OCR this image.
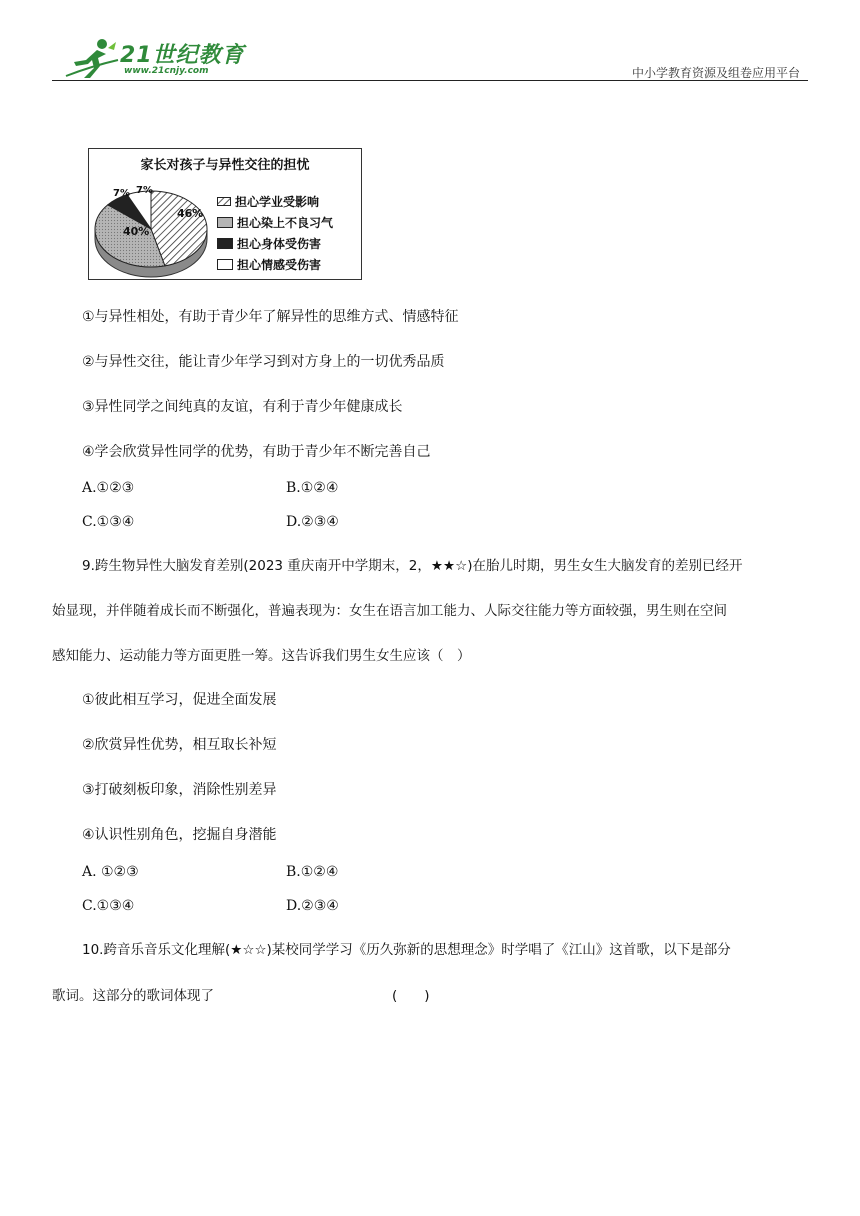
21世纪教育
www.21cnjy.com	中小学教育资源及组卷应用平台
家长对孩子与异性交往的担忧
46%
40%
7% 7%
担心学业受影响
担心染上不良习气
担心身体受伤害
担心情感受伤害
①与异性相处，有助于青少年了解异性的思维方式、情感特征
②与异性交往，能让青少年学习到对方身上的一切优秀品质
③异性同学之间纯真的友谊，有利于青少年健康成长
④学会欣赏异性同学的优势，有助于青少年不断完善自己
A.①②③	B.①②④
C.①③④	D.②③④
9.跨生物异性大脑发育差别(2023 重庆南开中学期末，2，★★☆)在胎儿时期，男生女生大脑发育的差别已经开
始显现，并伴随着成长而不断强化，普遍表现为：女生在语言加工能力、人际交往能力等方面较强，男生则在空间
感知能力、运动能力等方面更胜一筹。这告诉我们男生女生应该（　）
①彼此相互学习，促进全面发展
②欣赏异性优势，相互取长补短
③打破刻板印象，消除性别差异
④认识性别角色，挖掘自身潜能
A. ①②③	B.①②④
C.①③④	D.②③④
10.跨音乐音乐文化理解(★☆☆)某校同学学习《历久弥新的思想理念》时学唱了《江山》这首歌，以下是部分
歌词。这部分的歌词体现了	(　　)
